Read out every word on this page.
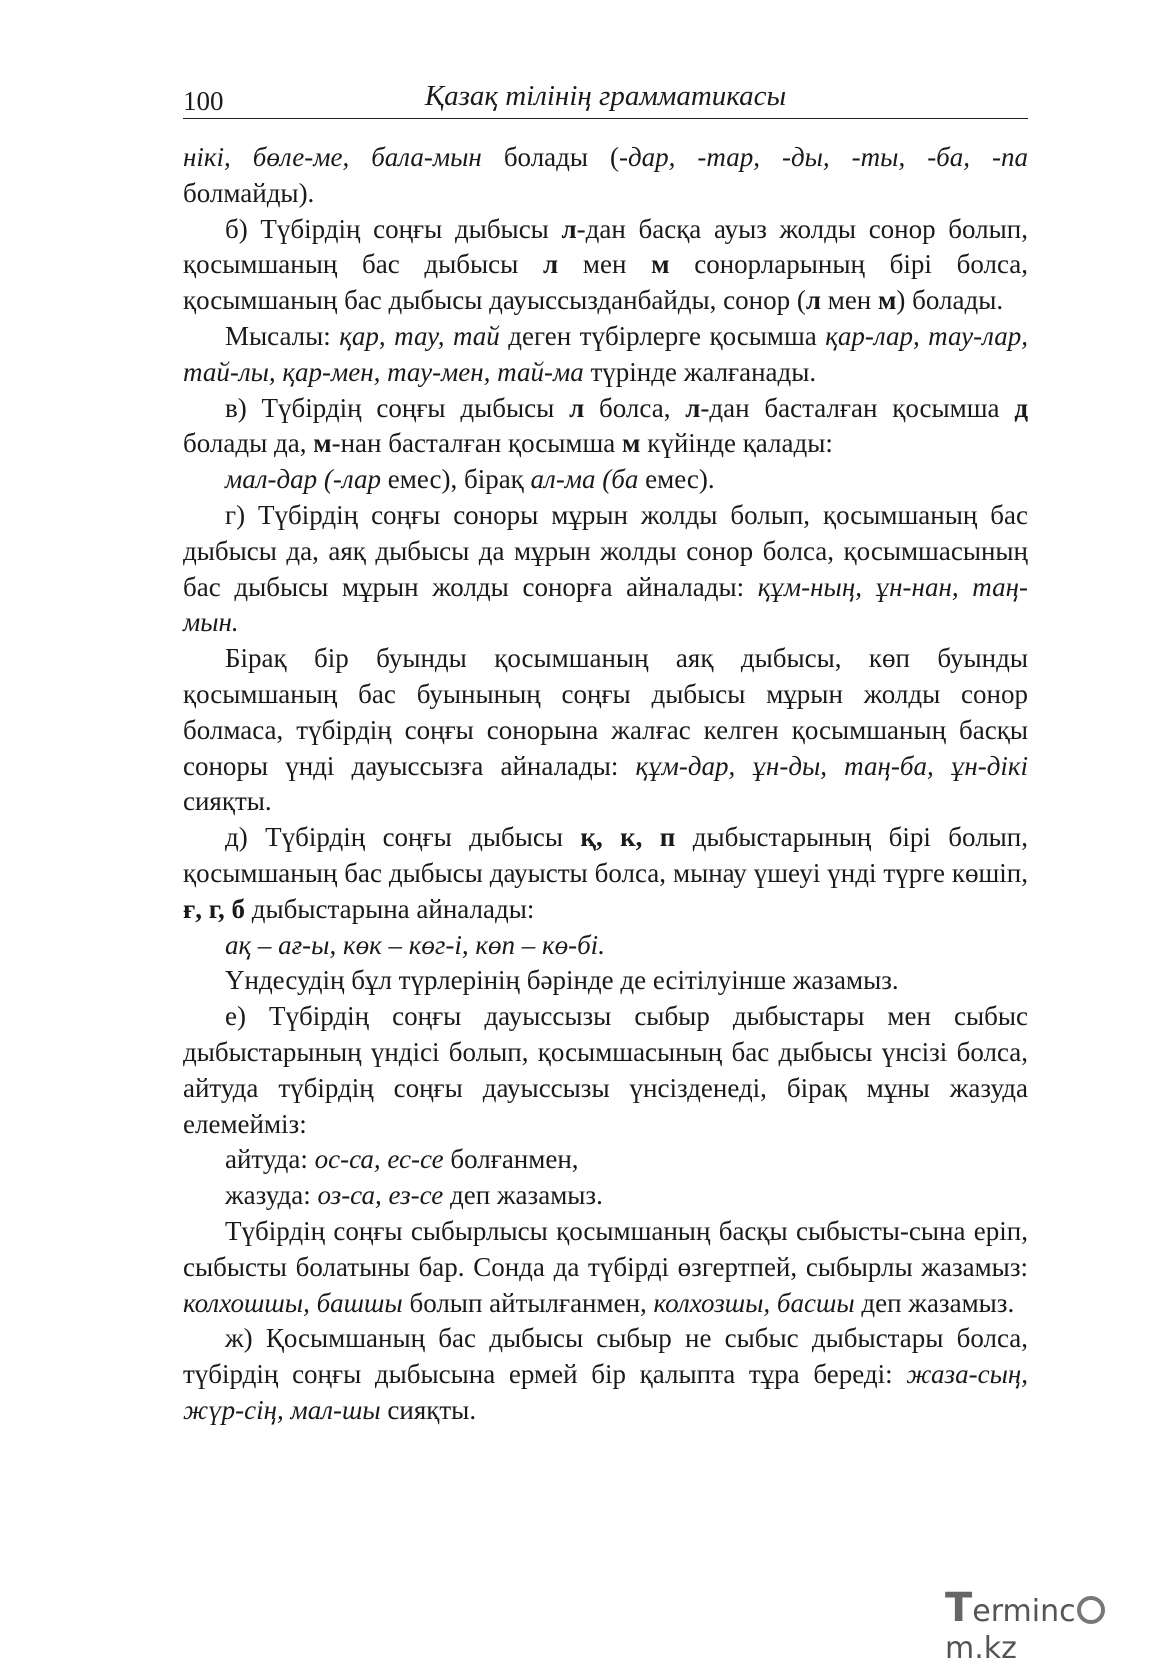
100	Қазақ тілінің грамматикасы

нікі, бөле-ме, бала-мын болады (-дар, -тар, -ды, -ты, -ба, -па болмайды).

б) Түбірдің соңғы дыбысы л-дан басқа ауыз жолды сонор болып, қосымшаның бас дыбысы л мен м сонорларының бірі болса, қосымшаның бас дыбысы дауыссызданбайды, сонор (л мен м) болады.

Мысалы: қар, тау, тай деген түбірлерге қосымша қар-лар, тау-лар, тай-лы, қар-мен, тау-мен, тай-ма түрінде жалғанады.

в) Түбірдің соңғы дыбысы л болса, л-дан басталған қосымша д болады да, м-нан басталған қосымша м күйінде қалады:

мал-дар (-лар емес), бірақ ал-ма (ба емес).

г) Түбірдің соңғы соноры мұрын жолды болып, қосымшаның бас дыбысы да, аяқ дыбысы да мұрын жолды сонор болса, қосымшасының бас дыбысы мұрын жолды сонорға айналады: құм-ның, ұн-нан, таң-мын.

Бірақ бір буынды қосымшаның аяқ дыбысы, көп буынды қосымшаның бас буынының соңғы дыбысы мұрын жолды сонор болмаса, түбірдің соңғы сонорына жалғас келген қосымшаның басқы соноры үнді дауыссызға айналады: құм-дар, ұн-ды, таң-ба, ұн-дікі сияқты.

д) Түбірдің соңғы дыбысы қ, к, п дыбыстарының бірі болып, қосымшаның бас дыбысы дауысты болса, мынау үшеуі үнді түрге көшіп, ғ, г, б дыбыстарына айналады:

ақ – ағ-ы, көк – көг-і, көп – кө-бі.

Үндесудің бұл түрлерінің бәрінде де есітілуінше жазамыз.

е) Түбірдің соңғы дауыссызы сыбыр дыбыстары мен сыбыс дыбыстарының үндісі болып, қосымшасының бас дыбысы үнсізі болса, айтуда түбірдің соңғы дауыссызы үнсізденеді, бірақ мұны жазуда елемейміз:

айтуда: ос-са, ес-се болғанмен,

жазуда: оз-са, ез-се деп жазамыз.

Түбірдің соңғы сыбырлысы қосымшаның басқы сыбысты-сына еріп, сыбысты болатыны бар. Сонда да түбірді өзгертпей, сыбырлы жазамыз: колхошшы, башшы болып айтылғанмен, колхозшы, басшы деп жазамыз.

ж) Қосымшаның бас дыбысы сыбыр не сыбыс дыбыстары болса, түбірдің соңғы дыбысына ермей бір қалыпта тұра береді: жаза-сың, жүр-сің, мал-шы сияқты.

Termincm.kz
